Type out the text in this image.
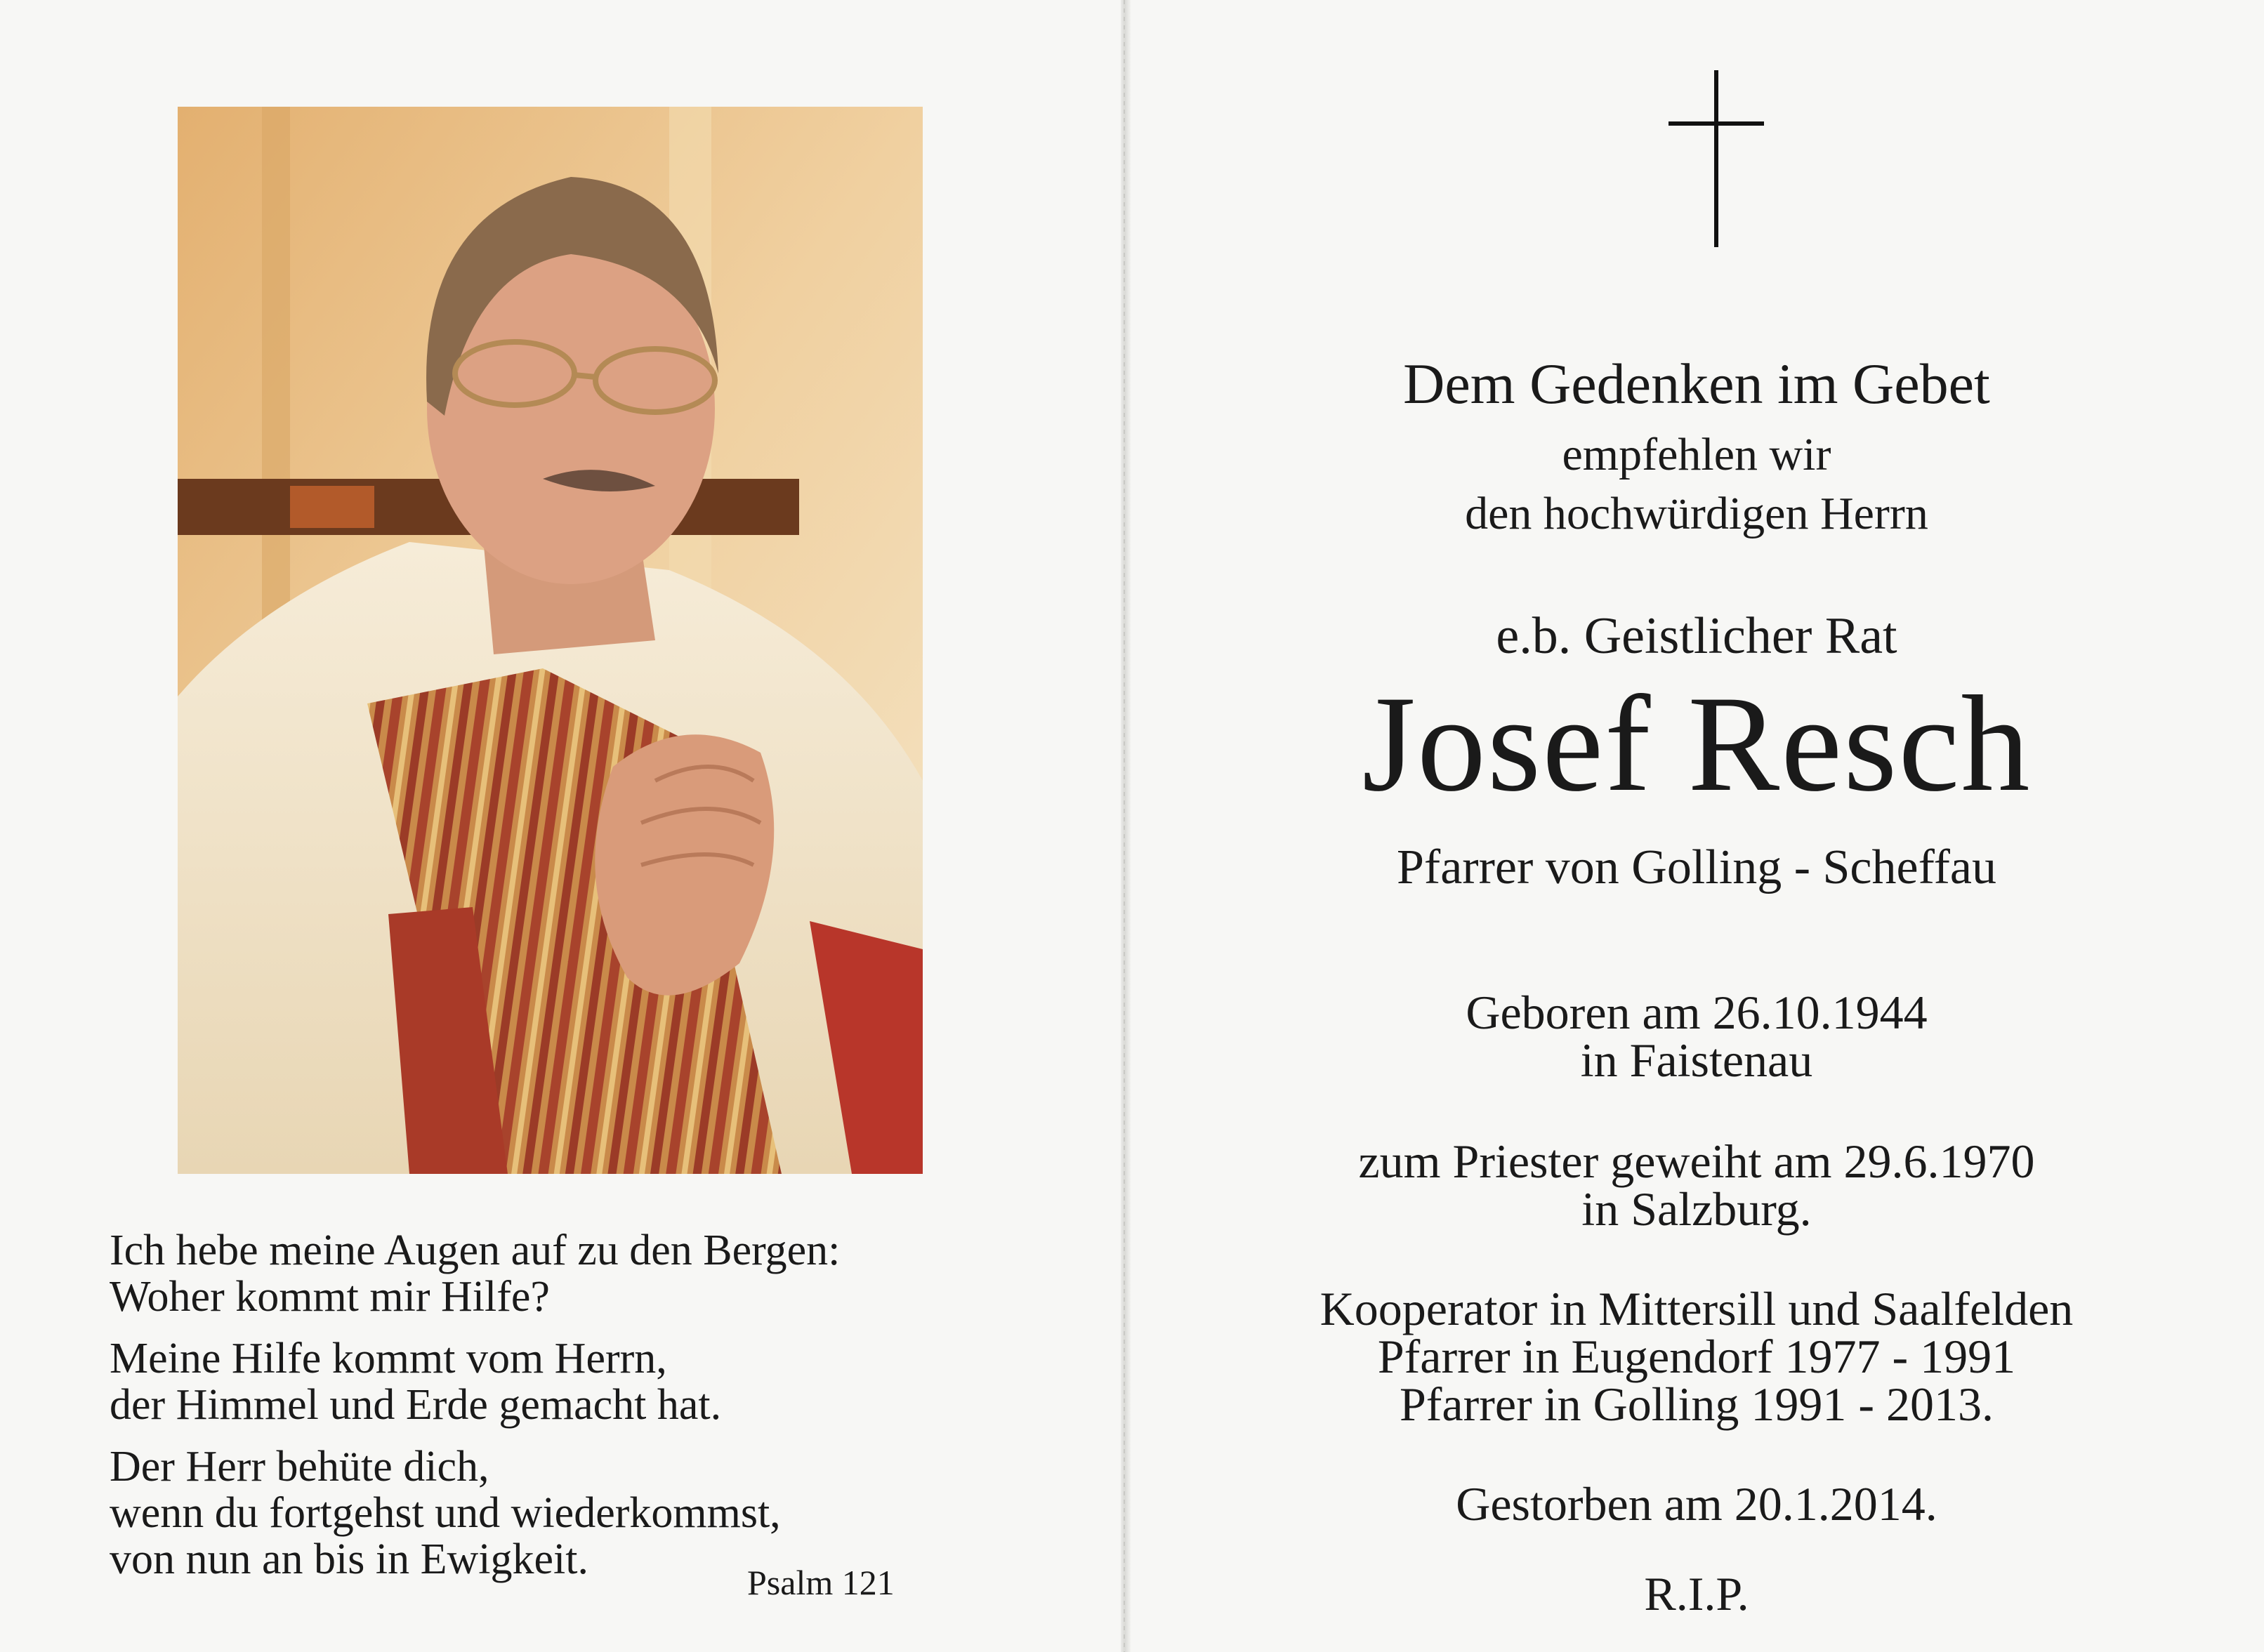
Ich hebe meine Augen auf zu den Bergen:
Woher kommt mir Hilfe?
Meine Hilfe kommt vom Herrn,
der Himmel und Erde gemacht hat.
Der Herr behüte dich,
wenn du fortgehst und wiederkommst,
von nun an bis in Ewigkeit.	Psalm 121
Dem Gedenken im Gebet
empfehlen wir
den hochwürdigen Herrn
e.b. Geistlicher Rat
Josef Resch
Pfarrer von Golling - Scheffau
Geboren am 26.10.1944
in Faistenau
zum Priester geweiht am 29.6.1970
in Salzburg.
Kooperator in Mittersill und Saalfelden
Pfarrer in Eugendorf 1977 - 1991
Pfarrer in Golling 1991 - 2013.
Gestorben am 20.1.2014.
R.I.P.
